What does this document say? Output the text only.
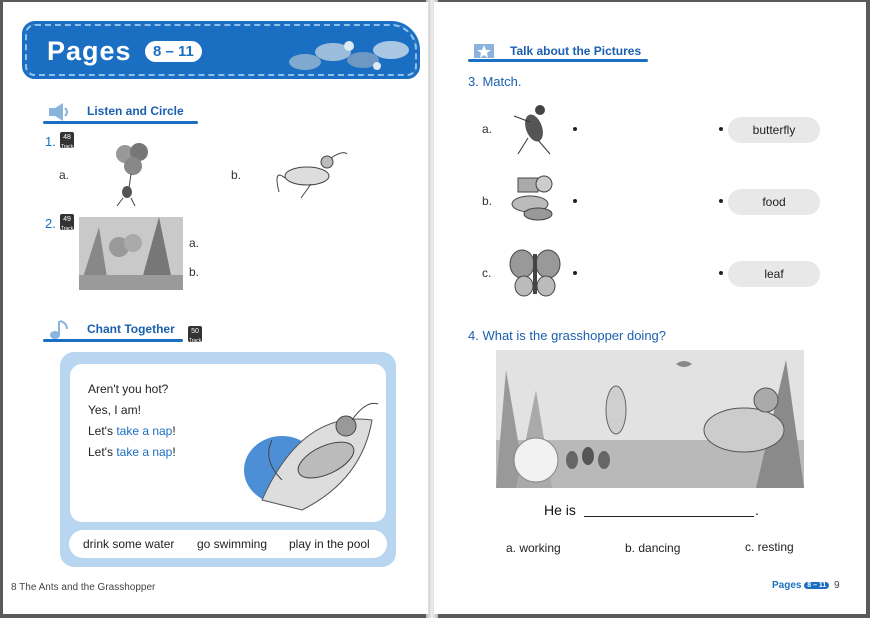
Pages	8 – 11
Listen and Circle
1.	48
Track
a.	b.
2.	49
Track
a.
b.
Chant Together	50
Track
Aren't you hot?
Yes, I am!
Let's take a nap!
Let's take a nap!
drink some water go swimming play in the pool
8 The Ants and the Grasshopper
Talk about the Pictures
3. Match.
a.	butterfly
b.	food
c.	leaf
4. What is the grasshopper doing?
He is	.
a. working	b. dancing	c. resting
Pages 8 – 11 9
